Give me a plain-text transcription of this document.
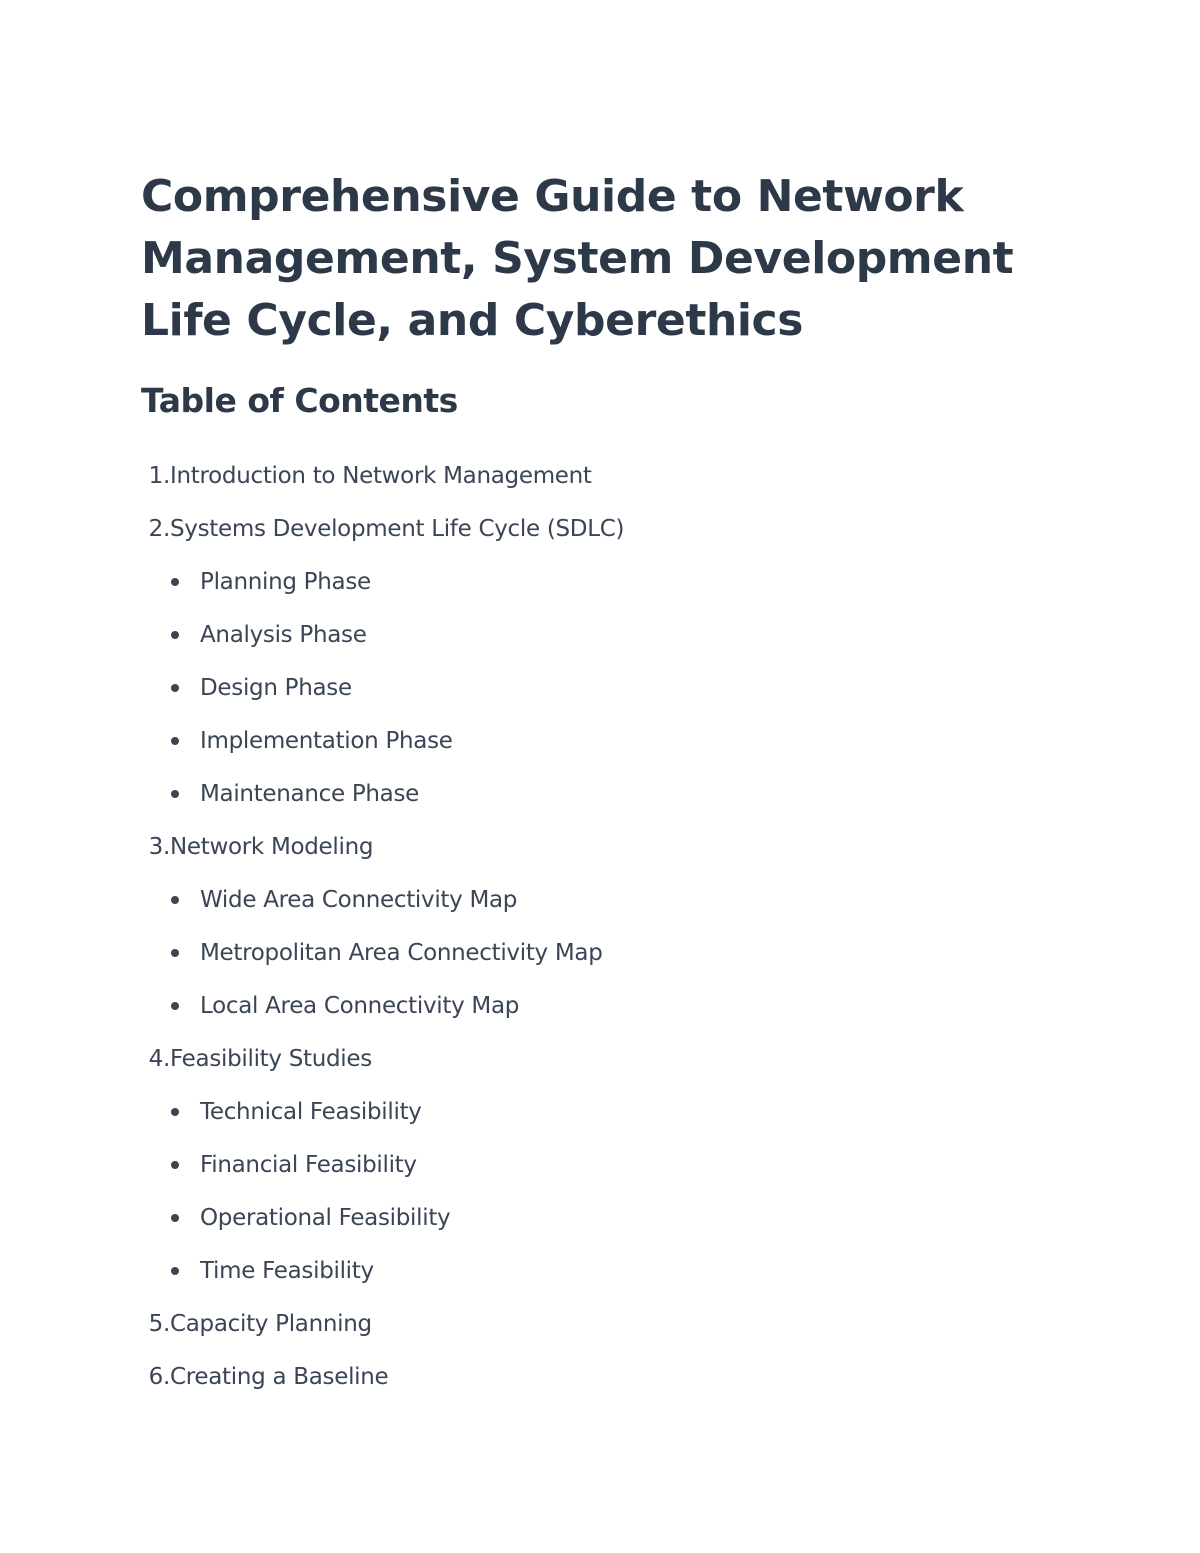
Comprehensive Guide to Network Management, System Development Life Cycle, and Cyberethics
Table of Contents
1. Introduction to Network Management
2. Systems Development Life Cycle (SDLC)
Planning Phase
Analysis Phase
Design Phase
Implementation Phase
Maintenance Phase
3. Network Modeling
Wide Area Connectivity Map
Metropolitan Area Connectivity Map
Local Area Connectivity Map
4. Feasibility Studies
Technical Feasibility
Financial Feasibility
Operational Feasibility
Time Feasibility
5. Capacity Planning
6. Creating a Baseline
